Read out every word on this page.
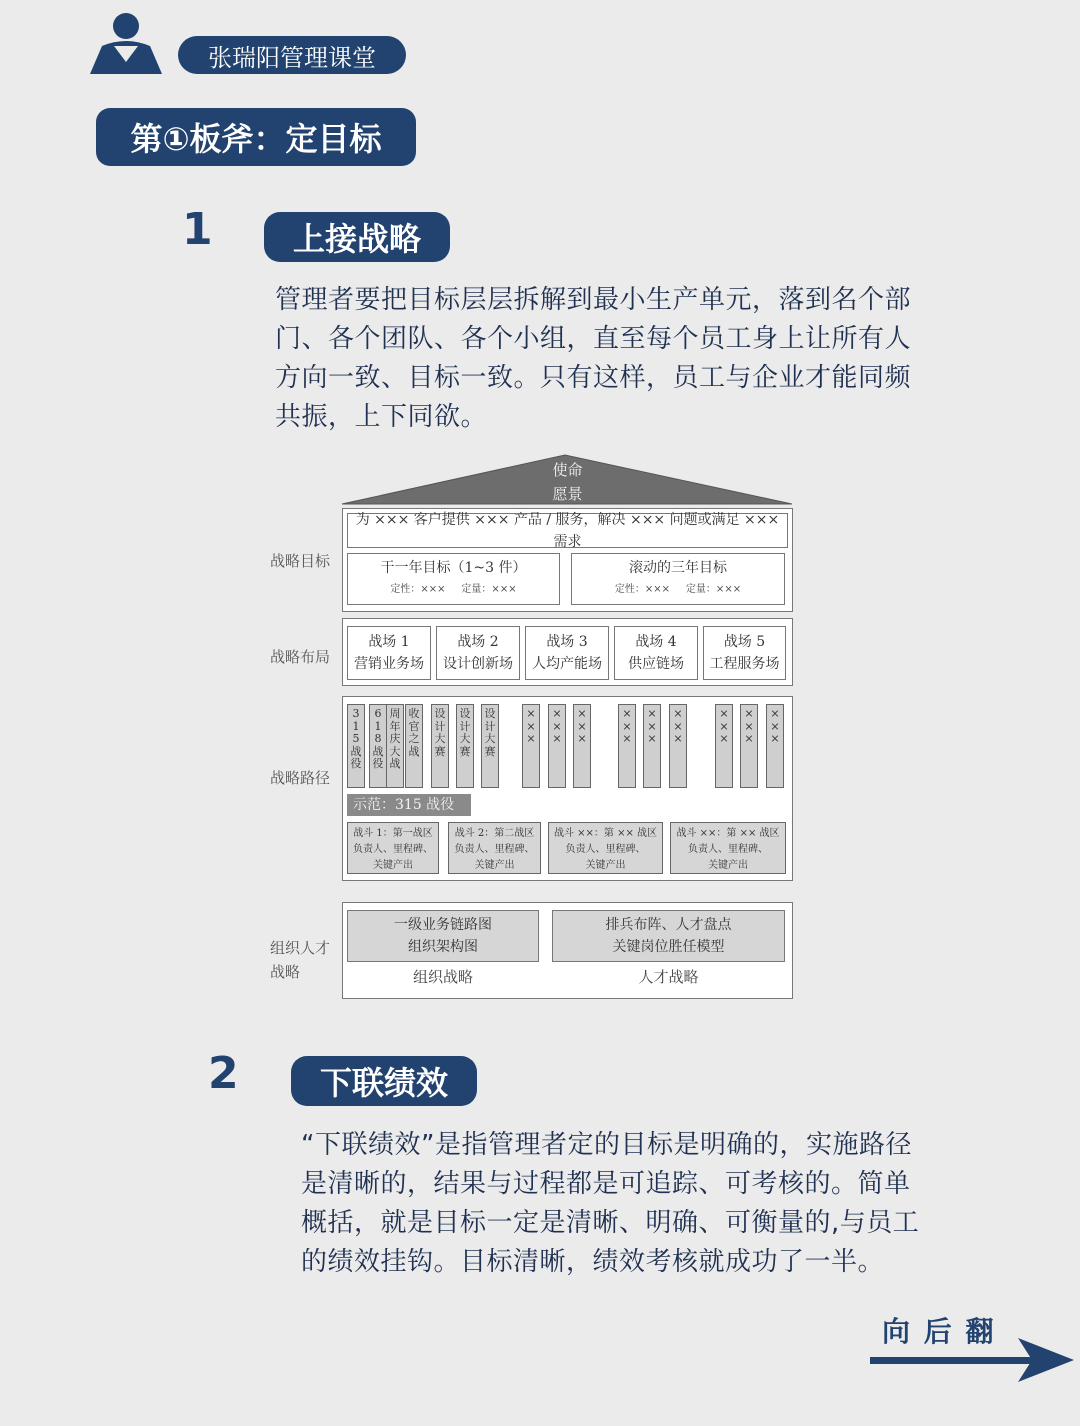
张瑞阳管理课堂
第①板斧：定目标
1	上接战略
管理者要把目标层层拆解到最小生产单元，落到名个部门、各个团队、各个小组，直至每个员工身上让所有人方向一致、目标一致。只有这样，员工与企业才能同频共振，上下同欲。
使命
愿景
战略目标
战略布局
战略路径
组织人才
战略
为 ××× 客户提供 ××× 产品 / 服务，解决 ××× 问题或满足 ××× 需求
干一年目标（1~3 件）
定性：×××     定量：×××
滚动的三年目标
定性：×××     定量：×××
战场 1
营销业务场
战场 2
设计创新场
战场 3
人均产能场
战场 4
供应链场
战场 5
工程服务场
3
1
5
战
役
6
1
8
战
役
周
年
庆
大
战
收
官
之
战
设
计
大
赛
设
计
大
赛
设
计
大
赛
×
×
×
×
×
×
×
×
×
×
×
×
×
×
×
×
×
×
×
×
×
×
×
×
×
×
×
示范：315 战役
战斗 1：第一战区
负责人、里程碑、
关键产出
战斗 2：第二战区
负责人、里程碑、
关键产出
战斗 ××：第 ×× 战区
负责人、里程碑、
关键产出
战斗 ××：第 ×× 战区
负责人、里程碑、
关键产出
一级业务链路图
组织架构图
排兵布阵、人才盘点
关键岗位胜任模型
组织战略	人才战略
2	下联绩效
“下联绩效”是指管理者定的目标是明确的，实施路径是清晰的，结果与过程都是可追踪、可考核的。简单概括，就是目标一定是清晰、明确、可衡量的,与员工的绩效挂钩。目标清晰，绩效考核就成功了一半。
向 后 翻
